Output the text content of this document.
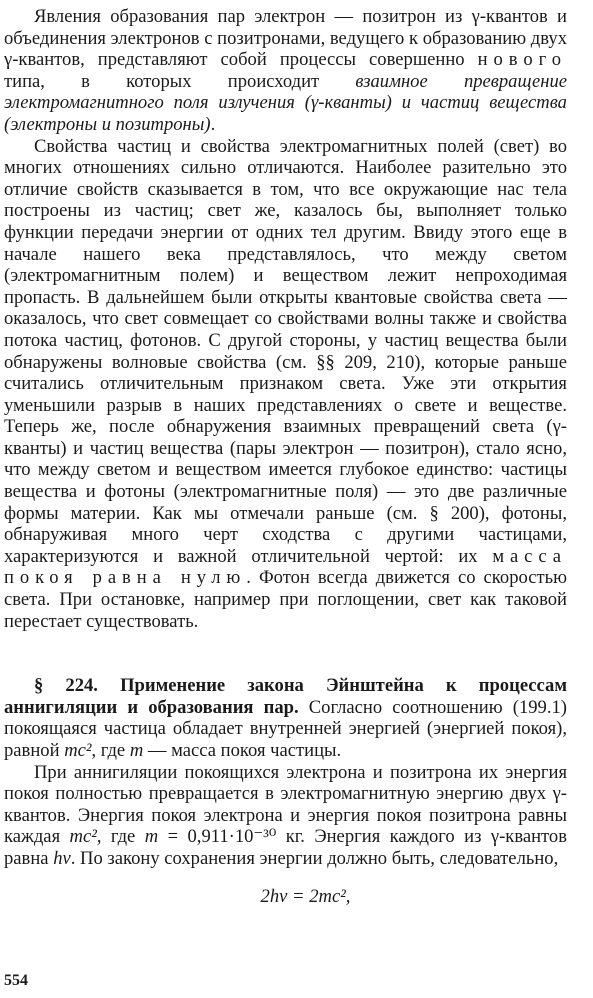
Явления образования пар электрон — позитрон из γ-квантов и объединения электронов с позитронами, ведущего к образованию двух γ-квантов, представляют собой процессы совершенно нового типа, в которых происходит взаимное превращение электромагнитного поля излучения (γ-кванты) и частиц вещества (электроны и позитроны).

Свойства частиц и свойства электромагнитных полей (свет) во многих отношениях сильно отличаются. Наиболее разительно это отличие свойств сказывается в том, что все окружающие нас тела построены из частиц; свет же, казалось бы, выполняет только функции передачи энергии от одних тел другим. Ввиду этого еще в начале нашего века представлялось, что между светом (электромагнитным полем) и веществом лежит непроходимая пропасть. В дальнейшем были открыты квантовые свойства света — оказалось, что свет совмещает со свойствами волны также и свойства потока частиц, фотонов. С другой стороны, у частиц вещества были обнаружены волновые свойства (см. §§ 209, 210), которые раньше считались отличительным признаком света. Уже эти открытия уменьшили разрыв в наших представлениях о свете и веществе. Теперь же, после обнаружения взаимных превращений света (γ-кванты) и частиц вещества (пары электрон — позитрон), стало ясно, что между светом и веществом имеется глубокое единство: частицы вещества и фотоны (электромагнитные поля) — это две различные формы материи. Как мы отмечали раньше (см. § 200), фотоны, обнаруживая много черт сходства с другими частицами, характеризуются и важной отличительной чертой: их масса покоя равна нулю. Фотон всегда движется со скоростью света. При остановке, например при поглощении, свет как таковой перестает существовать.

§ 224. Применение закона Эйнштейна к процессам аннигиляции и образования пар. Согласно соотношению (199.1) покоящаяся частица обладает внутренней энергией (энергией покоя), равной mc², где m — масса покоя частицы.

При аннигиляции покоящихся электрона и позитрона их энергия покоя полностью превращается в электромагнитную энергию двух γ-квантов. Энергия покоя электрона и энергия покоя позитрона равны каждая mc², где m = 0,911·10⁻³⁰ кг. Энергия каждого из γ-квантов равна hν. По закону сохранения энергии должно быть, следовательно,

2hν = 2mc²,
554
